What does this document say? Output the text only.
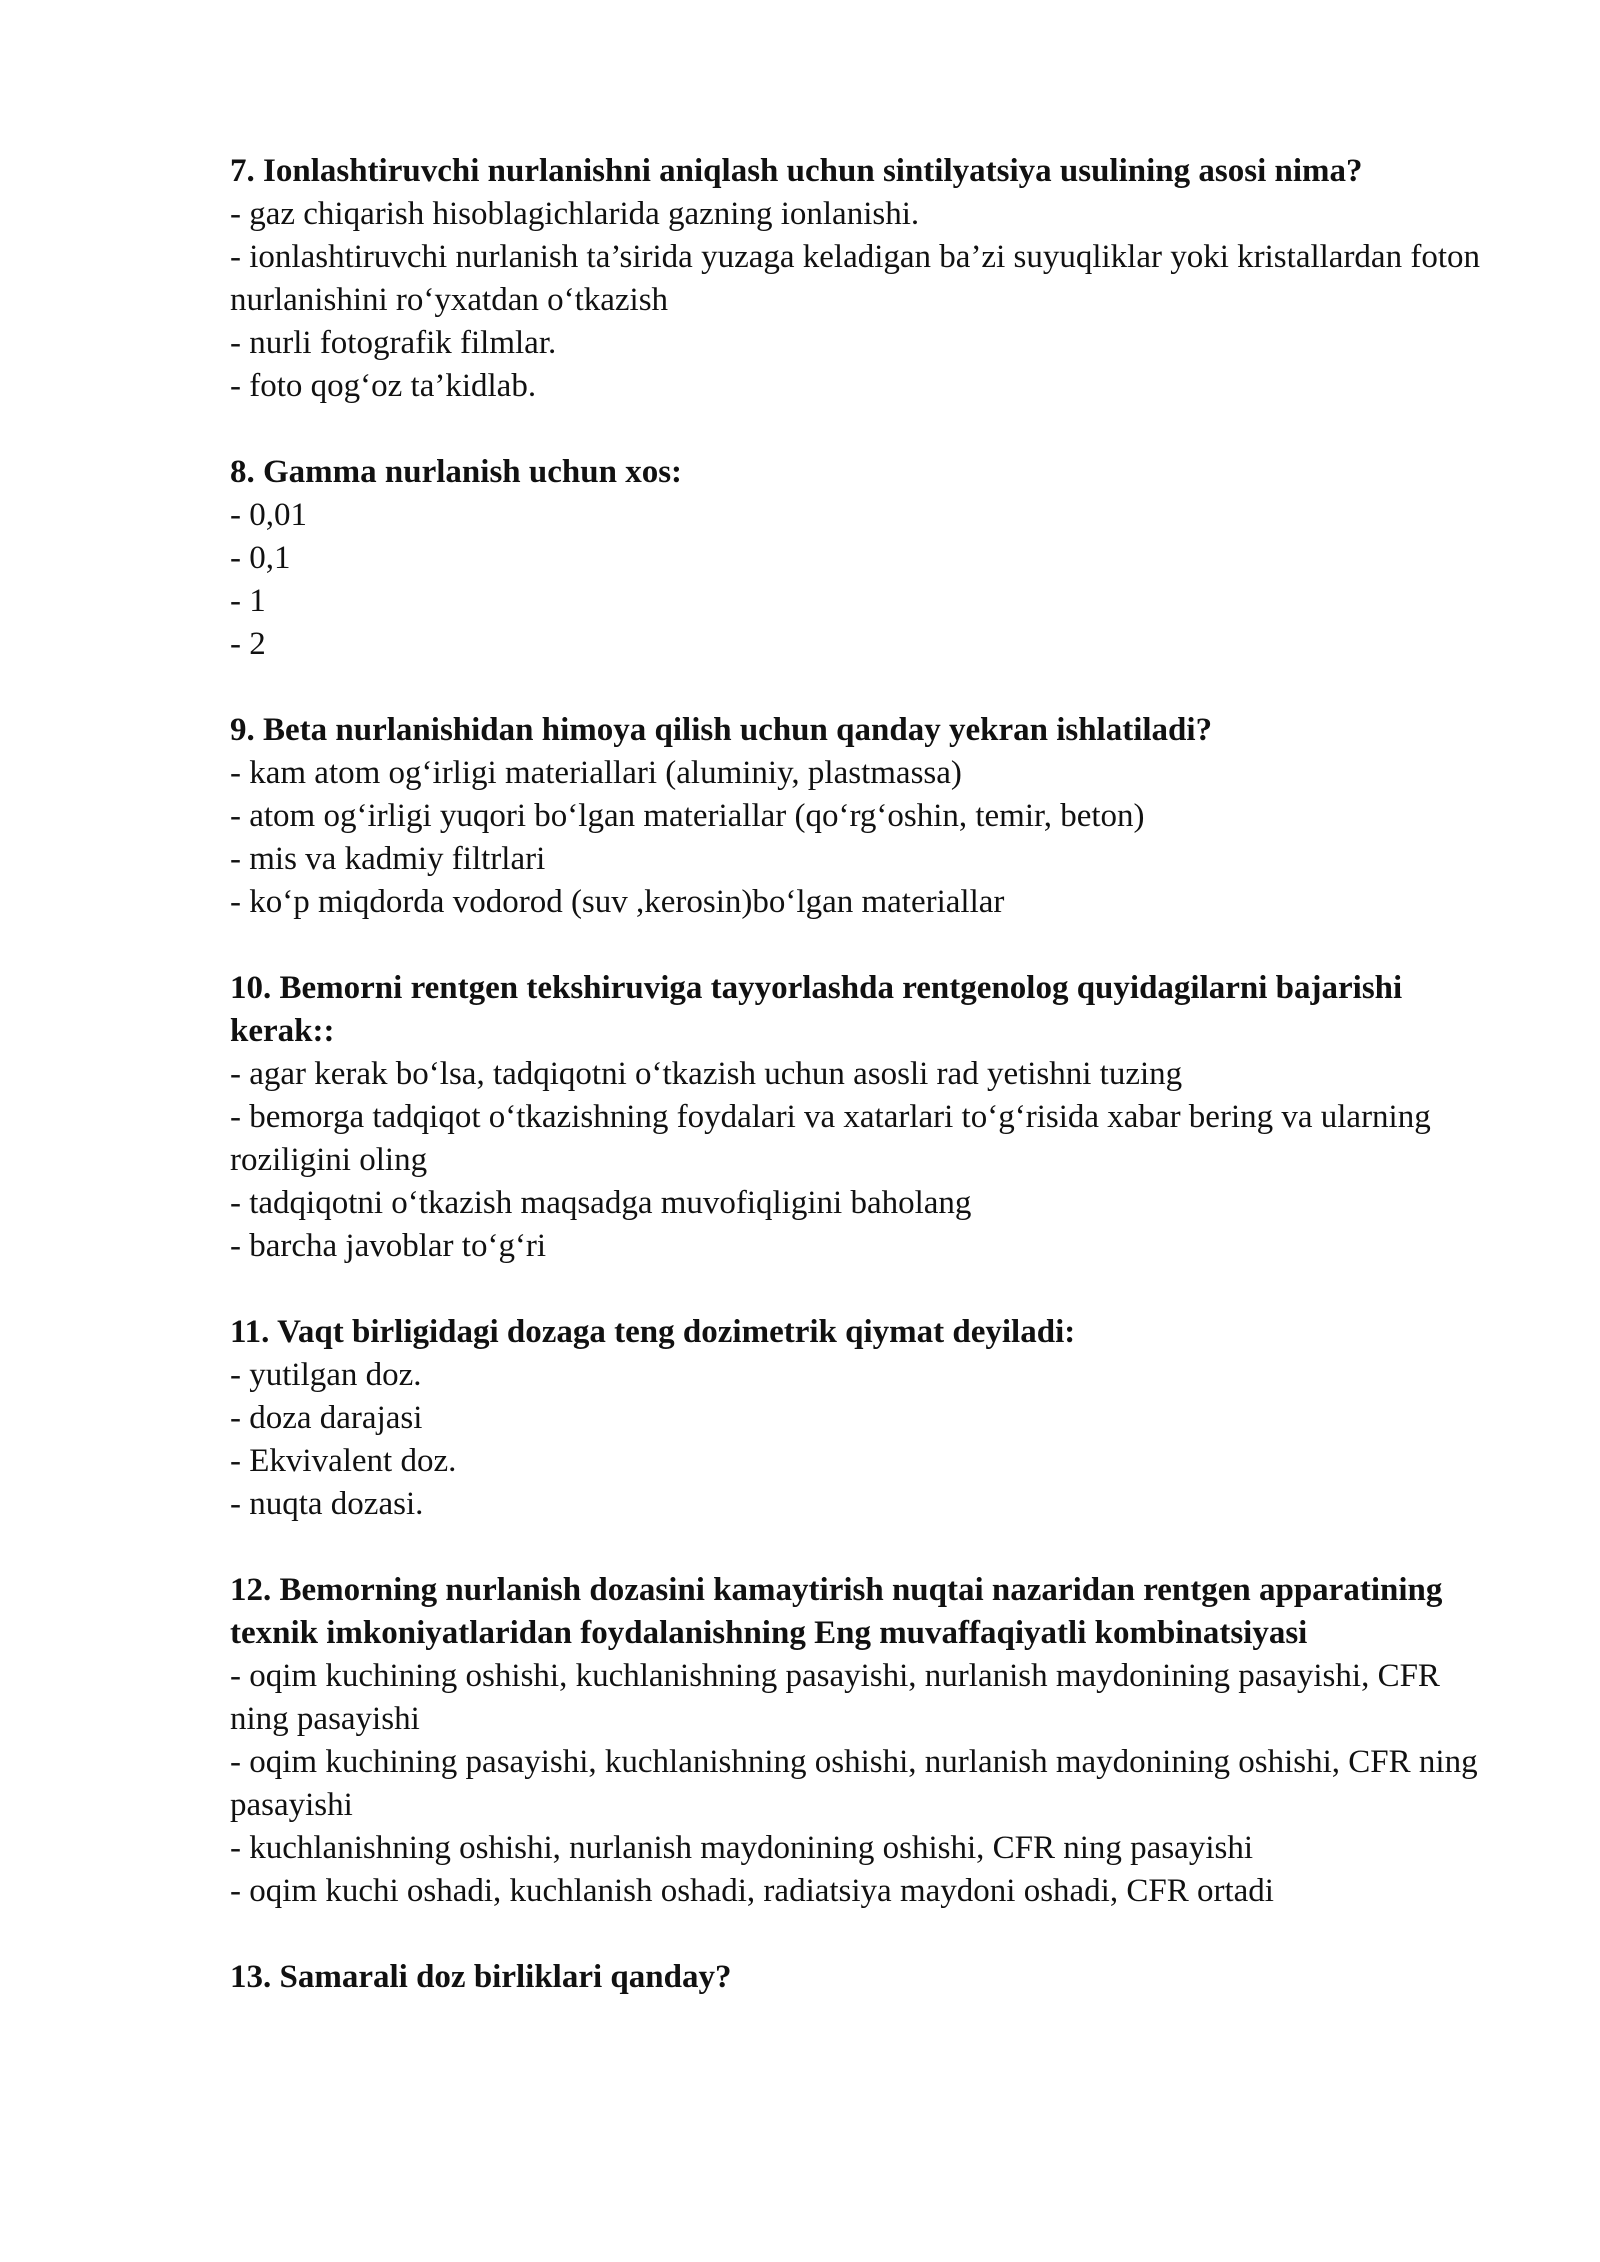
7. Ionlashtiruvchi nurlanishni aniqlash uchun sintilyatsiya usulining asosi nima?

- gaz chiqarish hisoblagichlarida gazning ionlanishi.

- ionlashtiruvchi nurlanish ta’sirida yuzaga keladigan ba’zi suyuqliklar yoki kristallardan foton nurlanishini ro‘yxatdan o‘tkazish

- nurli fotografik filmlar.

- foto qog‘oz ta’kidlab.

8. Gamma nurlanish uchun xos:

- 0,01

- 0,1

- 1

- 2

9. Beta nurlanishidan himoya qilish uchun qanday yekran ishlatiladi?

- kam atom og‘irligi materiallari (aluminiy, plastmassa)

- atom og‘irligi yuqori bo‘lgan materiallar (qo‘rg‘oshin, temir, beton)

- mis va kadmiy filtrlari

- ko‘p miqdorda vodorod (suv ,kerosin)bo‘lgan materiallar

10. Bemorni rentgen tekshiruviga tayyorlashda rentgenolog quyidagilarni bajarishi kerak::

- agar kerak bo‘lsa, tadqiqotni o‘tkazish uchun asosli rad yetishni tuzing

- bemorga tadqiqot o‘tkazishning foydalari va xatarlari to‘g‘risida xabar bering va ularning roziligini oling

- tadqiqotni o‘tkazish maqsadga muvofiqligini baholang

- barcha javoblar to‘g‘ri

11. Vaqt birligidagi dozaga teng dozimetrik qiymat deyiladi:

- yutilgan doz.

- doza darajasi

- Ekvivalent doz.

- nuqta dozasi.

12. Bemorning nurlanish dozasini kamaytirish nuqtai nazaridan rentgen apparatining texnik imkoniyatlaridan foydalanishning Eng muvaffaqiyatli kombinatsiyasi

- oqim kuchining oshishi, kuchlanishning pasayishi, nurlanish maydonining pasayishi, CFR ning pasayishi

- oqim kuchining pasayishi, kuchlanishning oshishi, nurlanish maydonining oshishi, CFR ning pasayishi

- kuchlanishning oshishi, nurlanish maydonining oshishi, CFR ning pasayishi

- oqim kuchi oshadi, kuchlanish oshadi, radiatsiya maydoni oshadi, CFR ortadi

13. Samarali doz birliklari qanday?
